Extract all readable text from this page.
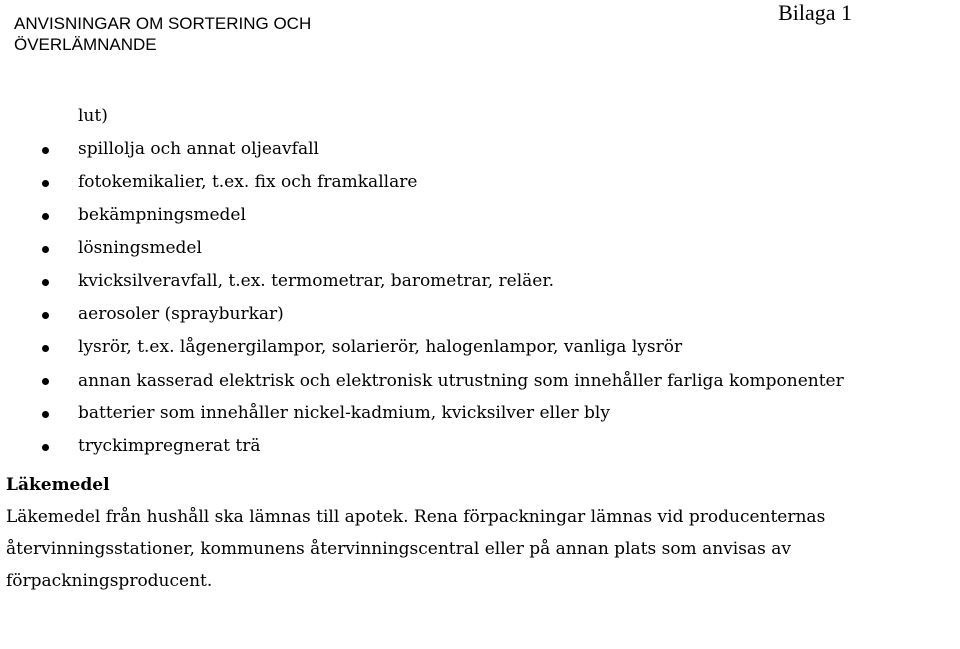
ANVISNINGAR OM SORTERING OCH ÖVERLÄMNANDE
Bilaga 1
lut)
spillolja och annat oljeavfall
fotokemikalier, t.ex. fix och framkallare
bekämpningsmedel
lösningsmedel
kvicksilveravfall, t.ex. termometrar, barometrar, reläer.
aerosoler (sprayburkar)
lysrör, t.ex. lågenergilampor, solarierör, halogenlampor, vanliga lysrör
annan kasserad elektrisk och elektronisk utrustning som innehåller farliga komponenter
batterier som innehåller nickel-kadmium, kvicksilver eller bly
tryckimpregnerat trä
Läkemedel

Läkemedel från hushåll ska lämnas till apotek. Rena förpackningar lämnas vid producenternas återvinningsstationer, kommunens återvinningscentral eller på annan plats som anvisas av förpackningsproducent.
